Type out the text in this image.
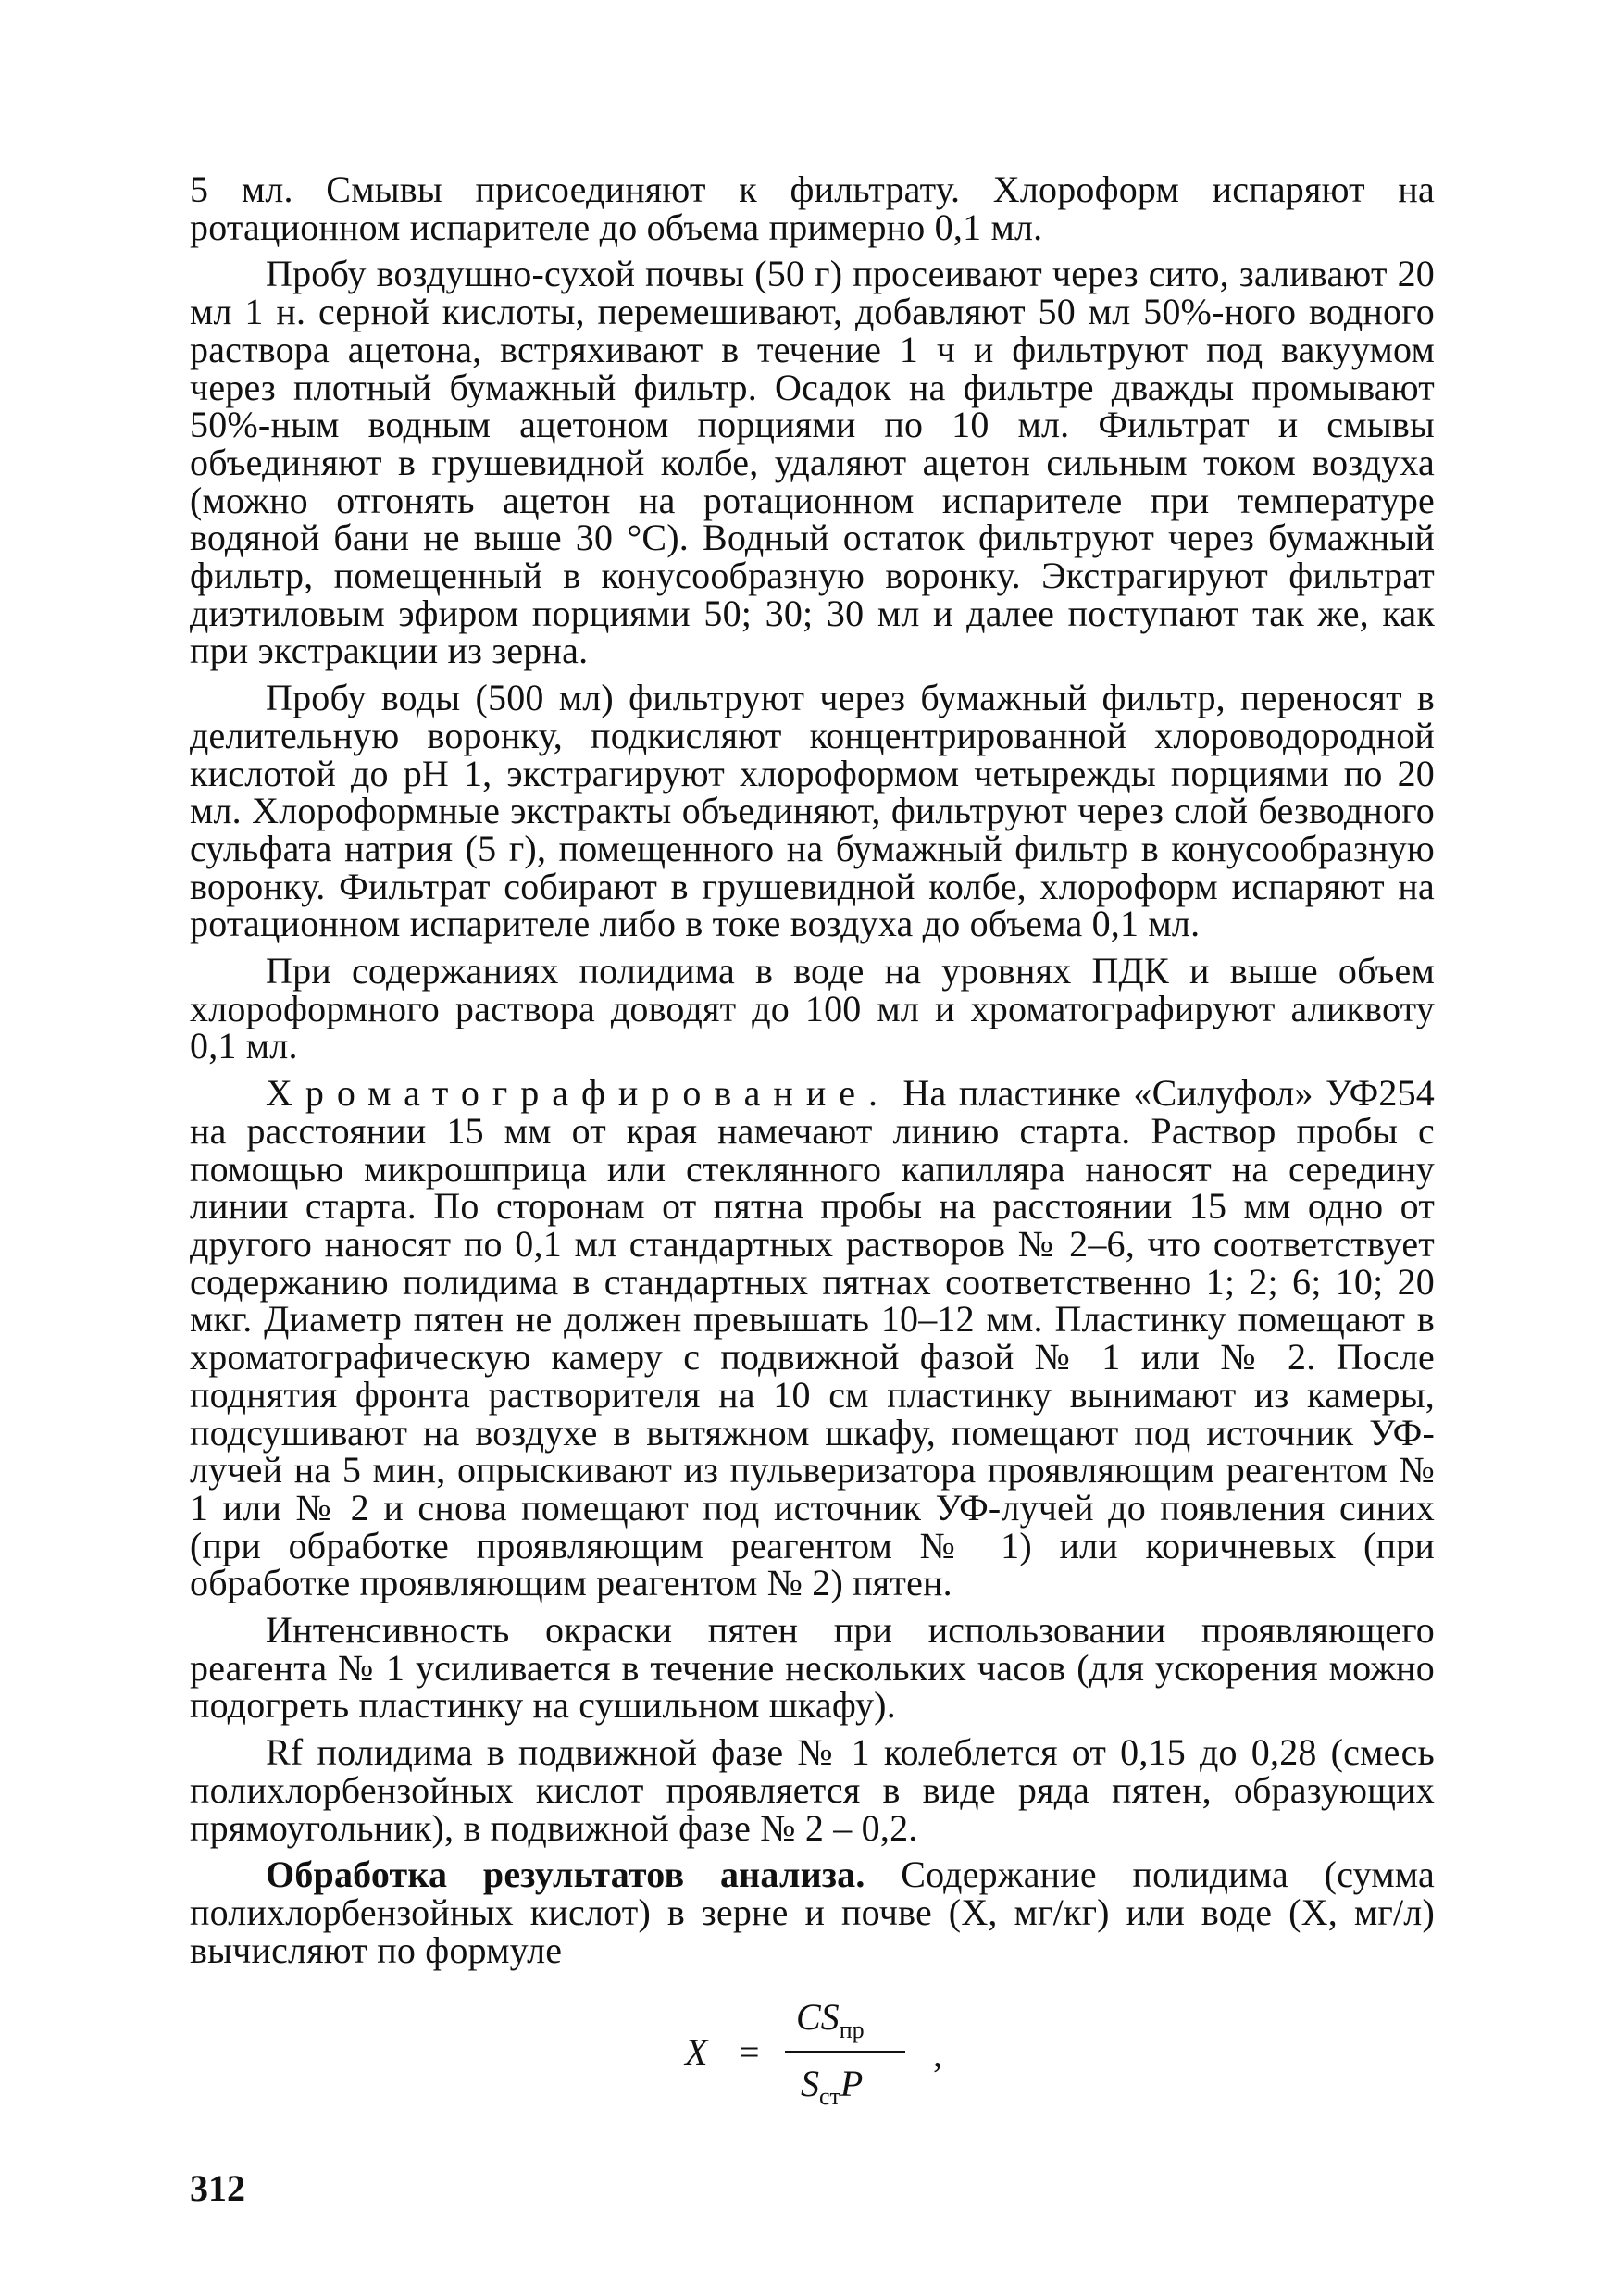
5 мл. Смывы присоединяют к фильтрату. Хлороформ испаряют на ротационном испарителе до объема примерно 0,1 мл.

Пробу воздушно-сухой почвы (50 г) просеивают через сито, заливают 20 мл 1 н. серной кислоты, перемешивают, добавляют 50 мл 50%-ного водного раствора ацетона, встряхивают в течение 1 ч и фильтруют под вакуумом через плотный бумажный фильтр. Осадок на фильтре дважды промывают 50%-ным водным ацетоном порциями по 10 мл. Фильтрат и смывы объединяют в грушевидной колбе, удаляют ацетон сильным током воздуха (можно отгонять ацетон на ротационном испарителе при температуре водяной бани не выше 30 °С). Водный остаток фильтруют через бумажный фильтр, помещенный в конусообразную воронку. Экстрагируют фильтрат диэтиловым эфиром порциями 50; 30; 30 мл и далее поступают так же, как при экстракции из зерна.

Пробу воды (500 мл) фильтруют через бумажный фильтр, переносят в делительную воронку, подкисляют концентрированной хлороводородной кислотой до pH 1, экстрагируют хлороформом четырежды порциями по 20 мл. Хлороформные экстракты объединяют, фильтруют через слой безводного сульфата натрия (5 г), помещенного на бумажный фильтр в конусообразную воронку. Фильтрат собирают в грушевидной колбе, хлороформ испаряют на ротационном испарителе либо в токе воздуха до объема 0,1 мл.

При содержаниях полидима в воде на уровнях ПДК и выше объем хлороформного раствора доводят до 100 мл и хроматографируют аликвоту 0,1 мл.

Хроматографирование. На пластинке «Силуфол» УФ254 на расстоянии 15 мм от края намечают линию старта. Раствор пробы с помощью микрошприца или стеклянного капилляра наносят на середину линии старта. По сторонам от пятна пробы на расстоянии 15 мм одно от другого наносят по 0,1 мл стандартных растворов № 2–6, что соответствует содержанию полидима в стандартных пятнах соответственно 1; 2; 6; 10; 20 мкг. Диаметр пятен не должен превышать 10–12 мм. Пластинку помещают в хроматографическую камеру с подвижной фазой № 1 или № 2. После поднятия фронта растворителя на 10 см пластинку вынимают из камеры, подсушивают на воздухе в вытяжном шкафу, помещают под источник УФ-лучей на 5 мин, опрыскивают из пульверизатора проявляющим реагентом № 1 или № 2 и снова помещают под источник УФ-лучей до появления синих (при обработке проявляющим реагентом № 1) или коричневых (при обработке проявляющим реагентом № 2) пятен.

Интенсивность окраски пятен при использовании проявляющего реагента № 1 усиливается в течение нескольких часов (для ускорения можно подогреть пластинку на сушильном шкафу).

Rf полидима в подвижной фазе № 1 колеблется от 0,15 до 0,28 (смесь полихлорбензойных кислот проявляется в виде ряда пятен, образующих прямоугольник), в подвижной фазе № 2 – 0,2.

Обработка результатов анализа. Содержание полидима (сумма полихлорбензойных кислот) в зерне и почве (X, мг/кг) или воде (X, мг/л) вычисляют по формуле

X =
$CS_{пр}$
$S_{ст}P$
,
312
